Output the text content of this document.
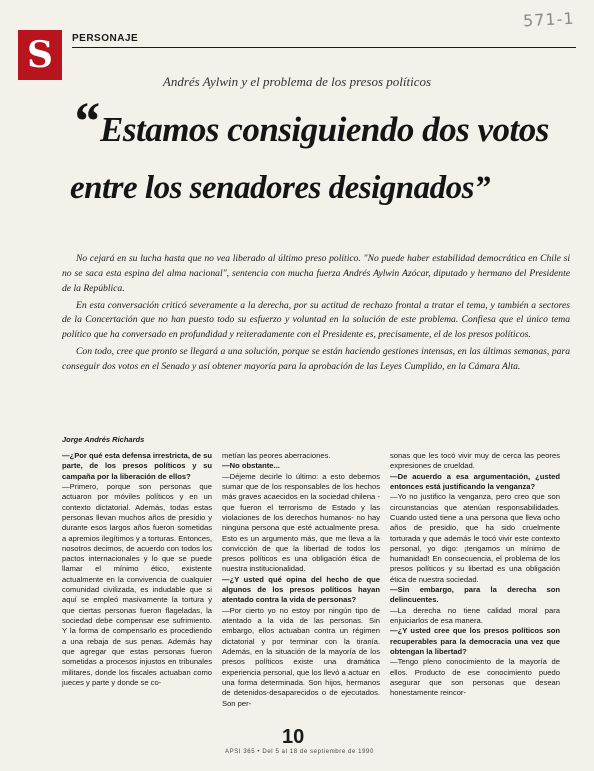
571-1
S PERSONAJE
Andrés Aylwin y el problema de los presos políticos
“ Estamos consiguiendo dos votos
entre los senadores designados”

No cejará en su lucha hasta que no vea liberado al último preso político. "No puede haber estabilidad democrática en Chile si no se saca esta espina del alma nacional", sentencia con mucha fuerza Andrés Aylwin Azócar, diputado y hermano del Presidente de la República.

En esta conversación criticó severamente a la derecha, por su actitud de rechazo frontal a tratar el tema, y también a sectores de la Concertación que no han puesto todo su esfuerzo y voluntad en la solución de este problema. Confiesa que el único tema político que ha conversado en profundidad y reiteradamente con el Presidente es, precisamente, el de los presos políticos.

Con todo, cree que pronto se llegará a una solución, porque se están haciendo gestiones intensas, en las últimas semanas, para conseguir dos votos en el Senado y así obtener mayoría para la aprobación de las Leyes Cumplido, en la Cámara Alta.

Jorge Andrés Richards

—¿Por qué esta defensa irrestricta, de su parte, de los presos políticos y su campaña por la liberación de ellos?

—Primero, porque son personas que actuaron por móviles políticos y en un contexto dictatorial. Además, todas estas personas llevan muchos años de presidio y durante esos largos años fueron sometidas a apremios ilegítimos y a torturas. Entonces, nosotros decimos, de acuerdo con todos los pactos internacionales y lo que se puede llamar el mínimo ético, existente actualmente en la convivencia de cualquier comunidad civilizada, es indudable que si aquí se empleó masivamente la tortura y que ciertas personas fueron flageladas, la sociedad debe compensar ese sufrimiento. Y la forma de compensarlo es procediendo a una rebaja de sus penas. Además hay que agregar que estas personas fueron sometidas a procesos injustos en tribunales militares, donde los fiscales actuaban como jueces y parte y donde se co-

metían las peores aberraciones.

—No obstante...

—Déjeme decirle lo último: a esto debemos sumar que de los responsables de los hechos más graves acaecidos en la sociedad chilena -que fueron el terrorismo de Estado y las violaciones de los derechos humanos- no hay ninguna persona que esté actualmente presa. Esto es un argumento más, que me lleva a la convicción de que la libertad de todos los presos políticos es una obligación ética de nuestra institucionalidad.

—¿Y usted qué opina del hecho de que algunos de los presos políticos hayan atentado contra la vida de personas?

—Por cierto yo no estoy por ningún tipo de atentado a la vida de las personas. Sin embargo, ellos actuaban contra un régimen dictatorial y por terminar con la tiranía. Además, en la situación de la mayoría de los presos políticos existe una dramática experiencia personal, que los llevó a actuar en una forma determinada. Son hijos, hermanos de detenidos-desaparecidos o de ejecutados. Son per-

sonas que les tocó vivir muy de cerca las peores expresiones de crueldad.

—De acuerdo a esa argumentación, ¿usted entonces está justificando la venganza?

—Yo no justifico la venganza, pero creo que son circunstancias que atenúan responsabilidades. Cuando usted tiene a una persona que lleva ocho años de presidio, que ha sido cruelmente torturada y que además le tocó vivir este contexto personal, yo digo: ¡tengamos un mínimo de humanidad! En consecuencia, el problema de los presos políticos y su libertad es una obligación ética de nuestra sociedad.

—Sin embargo, para la derecha son delincuentes.

—La derecha no tiene calidad moral para enjuiciarlos de esa manera.

—¿Y usted cree que los presos políticos son recuperables para la democracia una vez que obtengan la libertad?

—Tengo pleno conocimiento de la mayoría de ellos. Producto de ese conocimiento puedo asegurar que son personas que desean honestamente reincor-

10
APSI 365 • Del 5 al 18 de septiembre de 1990
